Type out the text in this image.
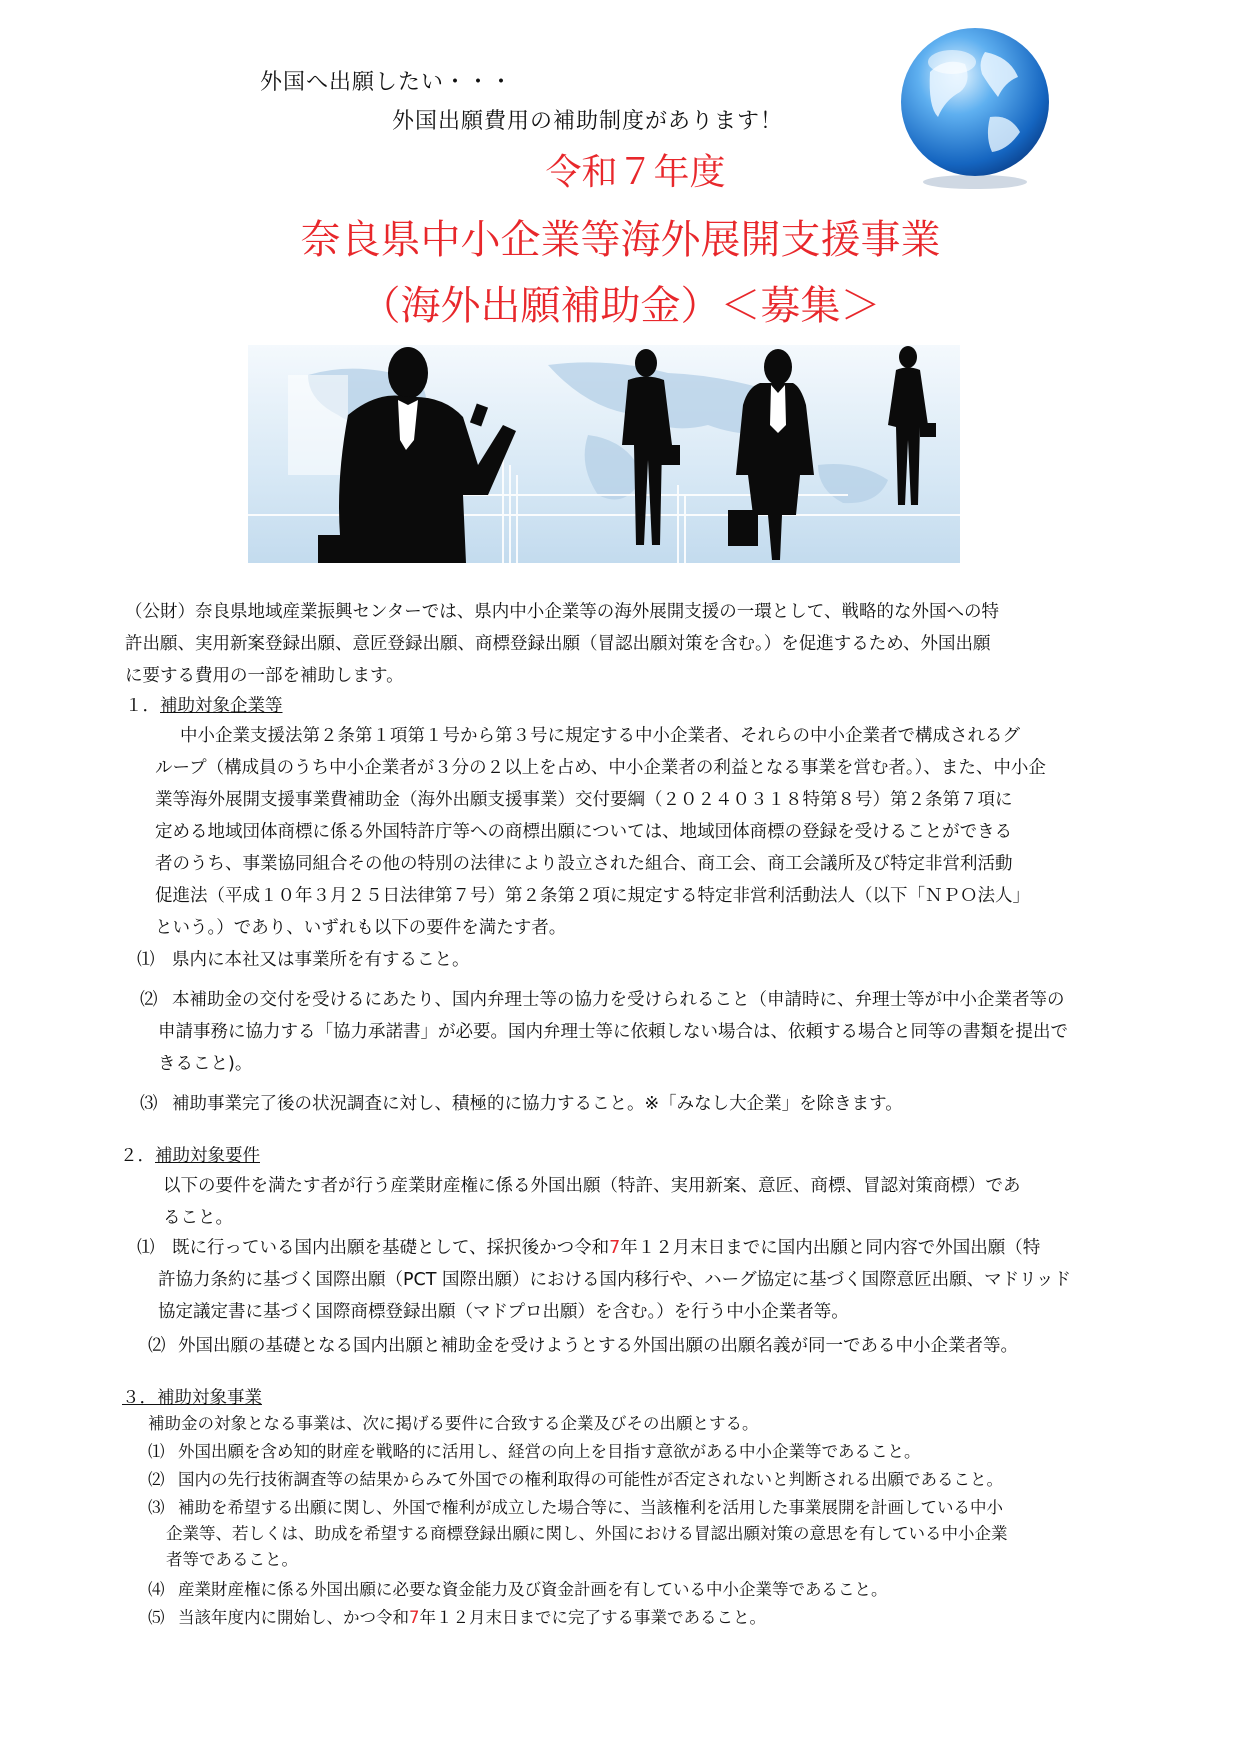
外国へ出願したい・・・
外国出願費用の補助制度があります！
令和７年度
奈良県中小企業等海外展開支援事業
（海外出願補助金）＜募集＞
（公財）奈良県地域産業振興センターでは、県内中小企業等の海外展開支援の一環として、戦略的な外国への特
許出願、実用新案登録出願、意匠登録出願、商標登録出願（冒認出願対策を含む。）を促進するため、外国出願
に要する費用の一部を補助します。
１．補助対象企業等
中小企業支援法第２条第１項第１号から第３号に規定する中小企業者、それらの中小企業者で構成されるグ
ループ（構成員のうち中小企業者が３分の２以上を占め、中小企業者の利益となる事業を営む者。）、また、中小企
業等海外展開支援事業費補助金（海外出願支援事業）交付要綱（２０２４０３１８特第８号）第２条第７項に
定める地域団体商標に係る外国特許庁等への商標出願については、地域団体商標の登録を受けることができる
者のうち、事業協同組合その他の特別の法律により設立された組合、商工会、商工会議所及び特定非営利活動
促進法（平成１０年３月２５日法律第７号）第２条第２項に規定する特定非営利活動法人（以下「ＮＰＯ法人」
という。）であり、いずれも以下の要件を満たす者。
⑴ 県内に本社又は事業所を有すること。
⑵ 本補助金の交付を受けるにあたり、国内弁理士等の協力を受けられること（申請時に、弁理士等が中小企業者等の
申請事務に協力する「協力承諾書」が必要。国内弁理士等に依頼しない場合は、依頼する場合と同等の書類を提出で
きること)。
⑶ 補助事業完了後の状況調査に対し、積極的に協力すること。※「みなし大企業」を除きます。
２．補助対象要件
以下の要件を満たす者が行う産業財産権に係る外国出願（特許、実用新案、意匠、商標、冒認対策商標）であ
ること。
⑴ 既に行っている国内出願を基礎として、採択後かつ令和7年１２月末日までに国内出願と同内容で外国出願（特
許協力条約に基づく国際出願（PCT 国際出願）における国内移行や、ハーグ協定に基づく国際意匠出願、マドリッド
協定議定書に基づく国際商標登録出願（マドプロ出願）を含む。）を行う中小企業者等。
⑵ 外国出願の基礎となる国内出願と補助金を受けようとする外国出願の出願名義が同一である中小企業者等。
３．補助対象事業
補助金の対象となる事業は、次に掲げる要件に合致する企業及びその出願とする。
⑴ 外国出願を含め知的財産を戦略的に活用し、経営の向上を目指す意欲がある中小企業等であること。
⑵ 国内の先行技術調査等の結果からみて外国での権利取得の可能性が否定されないと判断される出願であること。
⑶ 補助を希望する出願に関し、外国で権利が成立した場合等に、当該権利を活用した事業展開を計画している中小
企業等、若しくは、助成を希望する商標登録出願に関し、外国における冒認出願対策の意思を有している中小企業
者等であること。
⑷ 産業財産権に係る外国出願に必要な資金能力及び資金計画を有している中小企業等であること。
⑸ 当該年度内に開始し、かつ令和7年１２月末日までに完了する事業であること。
